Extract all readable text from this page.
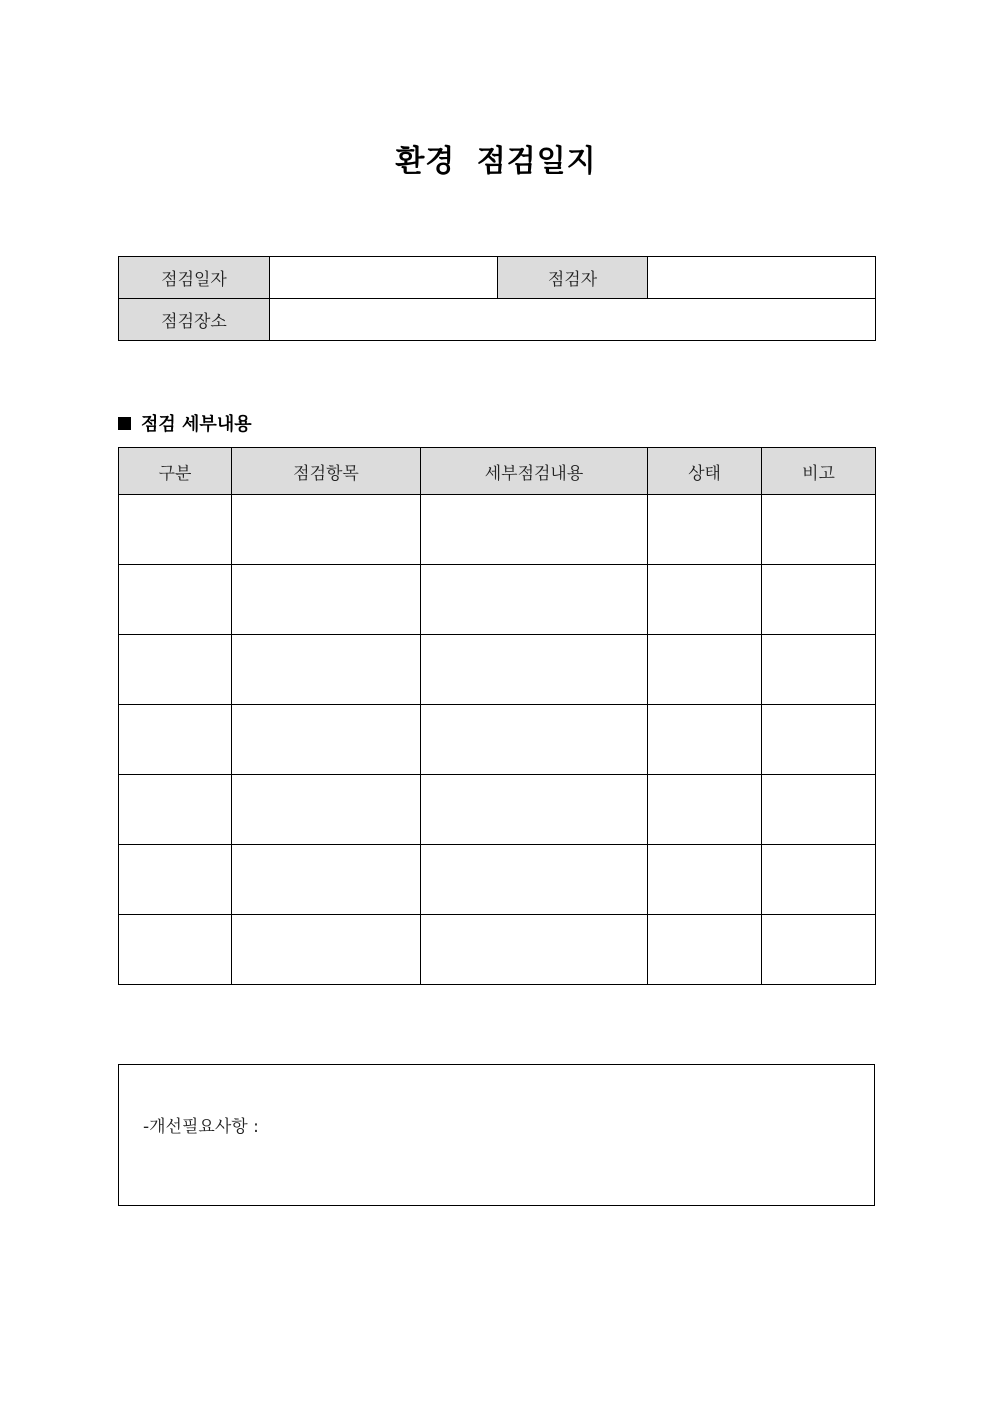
환경 점검일지
점검일자		점검자	
점검장소			
점검 세부내용
구분	점검항목	세부점검내용	상태	비고

-개선필요사항 :
